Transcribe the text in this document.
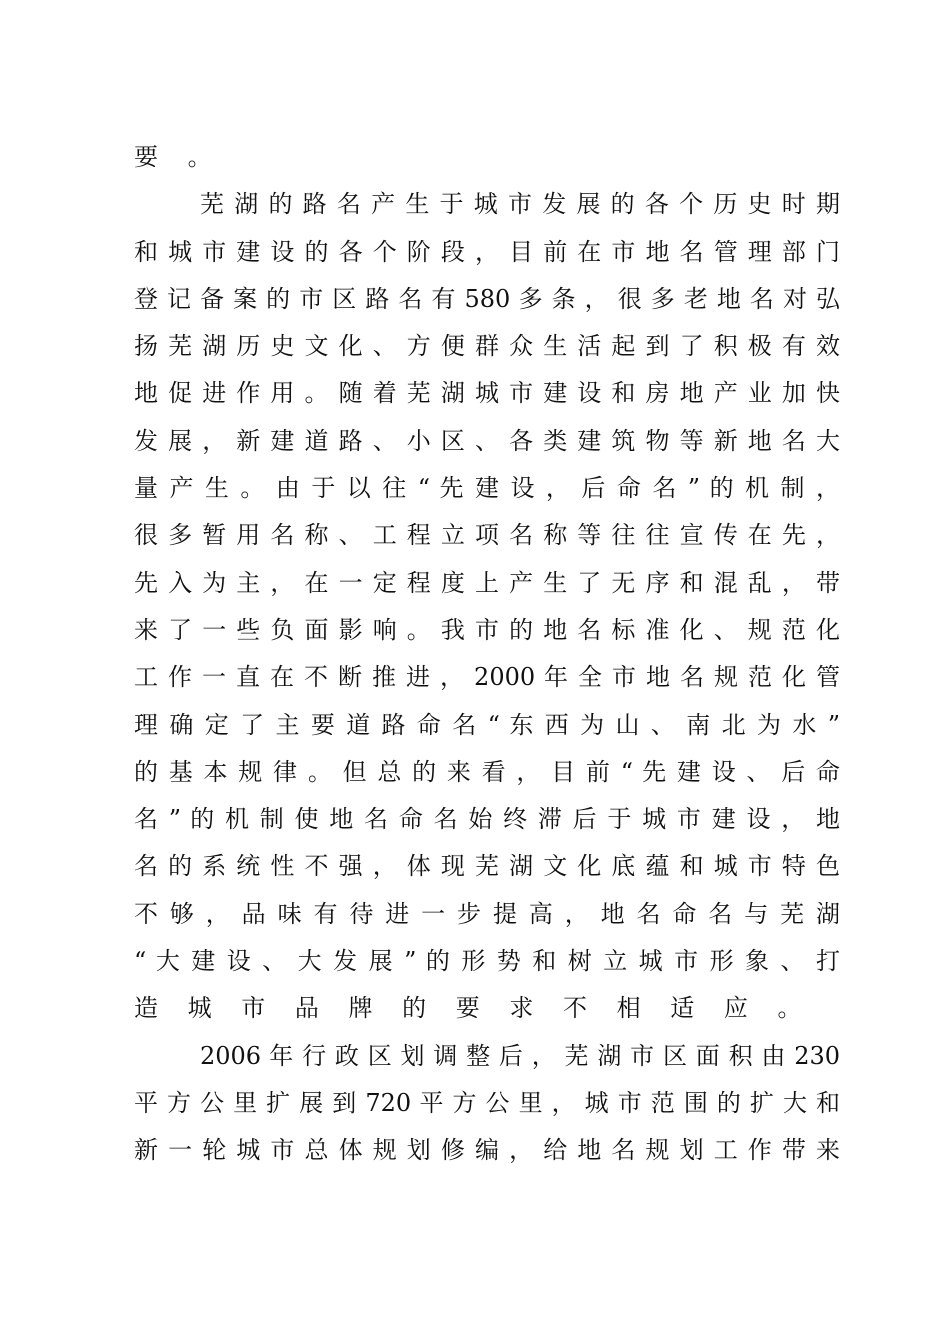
要 。
芜 湖 的 路 名 产 生 于 城 市 发 展 的 各 个 历 史 时 期
和 城 市 建 设 的 各 个 阶 段 ， 目 前 在 市 地 名 管 理 部 门
登 记 备 案 的 市 区 路 名 有 580 多 条 ， 很 多 老 地 名 对 弘
扬 芜 湖 历 史 文 化 、 方 便 群 众 生 活 起 到 了 积 极 有 效
地 促 进 作 用 。 随 着 芜 湖 城 市 建 设 和 房 地 产 业 加 快
发 展 ， 新 建 道 路 、 小 区 、 各 类 建 筑 物 等 新 地 名 大
量 产 生 。 由 于 以 往 “ 先 建 设 ， 后 命 名 ” 的 机 制 ，
很 多 暂 用 名 称 、 工 程 立 项 名 称 等 往 往 宣 传 在 先 ，
先 入 为 主 ， 在 一 定 程 度 上 产 生 了 无 序 和 混 乱 ， 带
来 了 一 些 负 面 影 响 。 我 市 的 地 名 标 准 化 、 规 范 化
工 作 一 直 在 不 断 推 进 ， 2000 年 全 市 地 名 规 范 化 管
理 确 定 了 主 要 道 路 命 名 “ 东 西 为 山 、 南 北 为 水 ”
的 基 本 规 律 。 但 总 的 来 看 ， 目 前 “ 先 建 设 、 后 命
名 ” 的 机 制 使 地 名 命 名 始 终 滞 后 于 城 市 建 设 ， 地
名 的 系 统 性 不 强 ， 体 现 芜 湖 文 化 底 蕴 和 城 市 特 色
不 够 ， 品 味 有 待 进 一 步 提 高 ， 地 名 命 名 与 芜 湖
“ 大 建 设 、 大 发 展 ” 的 形 势 和 树 立 城 市 形 象 、 打
造 城 市 品 牌 的 要 求 不 相 适 应 。
2006 年 行 政 区 划 调 整 后 ， 芜 湖 市 区 面 积 由 230
平 方 公 里 扩 展 到 720 平 方 公 里 ， 城 市 范 围 的 扩 大 和
新 一 轮 城 市 总 体 规 划 修 编 ， 给 地 名 规 划 工 作 带 来
